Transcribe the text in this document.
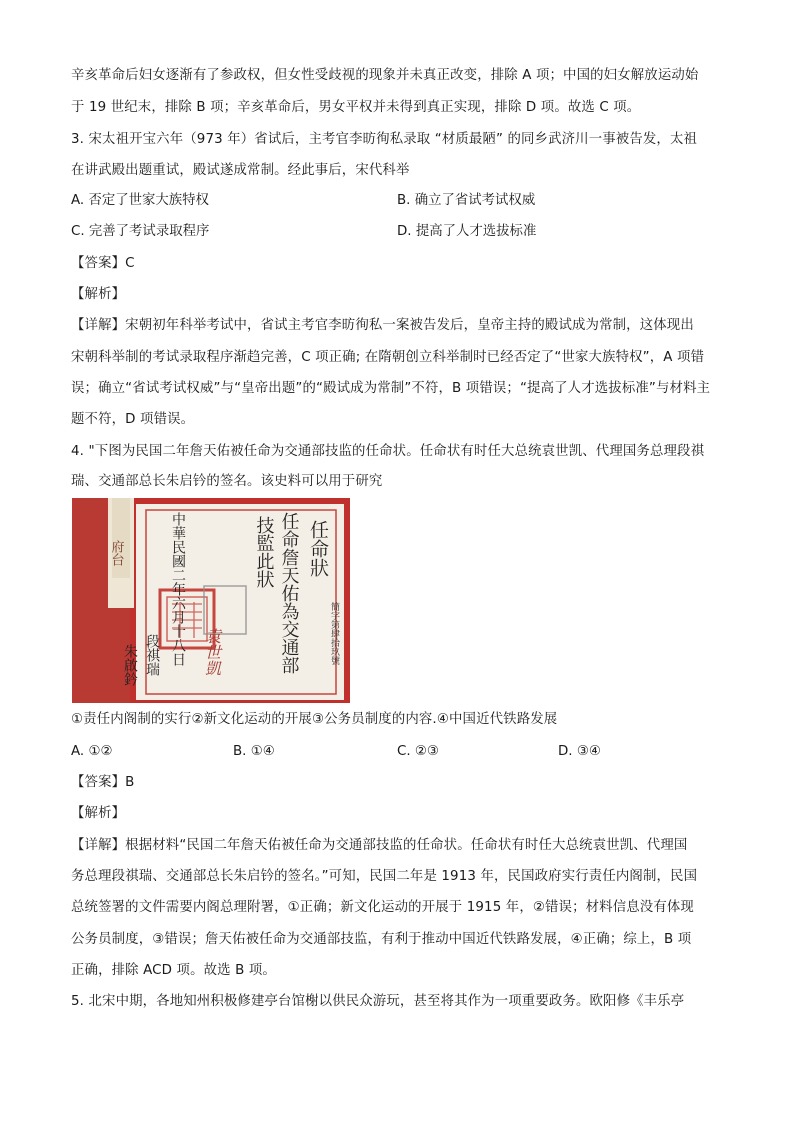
辛亥革命后妇女逐渐有了参政权，但女性受歧视的现象并未真正改变，排除 A 项；中国的妇女解放运动始
于 19 世纪末，排除 B 项；辛亥革命后，男女平权并未得到真正实现，排除 D 项。故选 C 项。
3. 宋太祖开宝六年（973 年）省试后，主考官李昉徇私录取 “材质最陋” 的同乡武济川一事被告发，太祖
在讲武殿出题重试，殿试遂成常制。经此事后，宋代科举
A. 否定了世家大族特权	B. 确立了省试考试权威
C. 完善了考试录取程序	D. 提高了人才选拔标准
【答案】C
【解析】
【详解】宋朝初年科举考试中，省试主考官李昉徇私一案被告发后，皇帝主持的殿试成为常制，这体现出
宋朝科举制的考试录取程序渐趋完善，C 项正确; 在隋朝创立科举制时已经否定了“世家大族特权”，A 项错
误；确立“省试考试权威”与“皇帝出题”的“殿试成为常制”不符，B 项错误；“提高了人才选拔标准”与材料主
题不符，D 项错误。
4. "下图为民国二年詹天佑被任命为交通部技监的任命状。任命状有时任大总统袁世凯、代理国务总理段祺
瑞、交通部总长朱启钤的签名。该史料可以用于研究
任命狀
簡字第肆拾玖號
任命詹天佑為交通部
技監此狀
中華民國二年六月十八日 袁世凱
段祺瑞
朱啟鈐
府台
①责任内阁制的实行②新文化运动的开展③公务员制度的内容.④中国近代铁路发展
A. ①②	B. ①④	C. ②③	D. ③④
【答案】B
【解析】
【详解】根据材料“民国二年詹天佑被任命为交通部技监的任命状。任命状有时任大总统袁世凯、代理国
务总理段祺瑞、交通部总长朱启钤的签名。”可知，民国二年是 1913 年，民国政府实行责任内阁制，民国
总统签署的文件需要内阁总理附署，①正确；新文化运动的开展于 1915 年，②错误；材料信息没有体现
公务员制度，③错误；詹天佑被任命为交通部技监，有利于推动中国近代铁路发展，④正确；综上，B 项
正确，排除 ACD 项。故选 B 项。
5. 北宋中期，各地知州积极修建亭台馆榭以供民众游玩，甚至将其作为一项重要政务。欧阳修《丰乐亭
